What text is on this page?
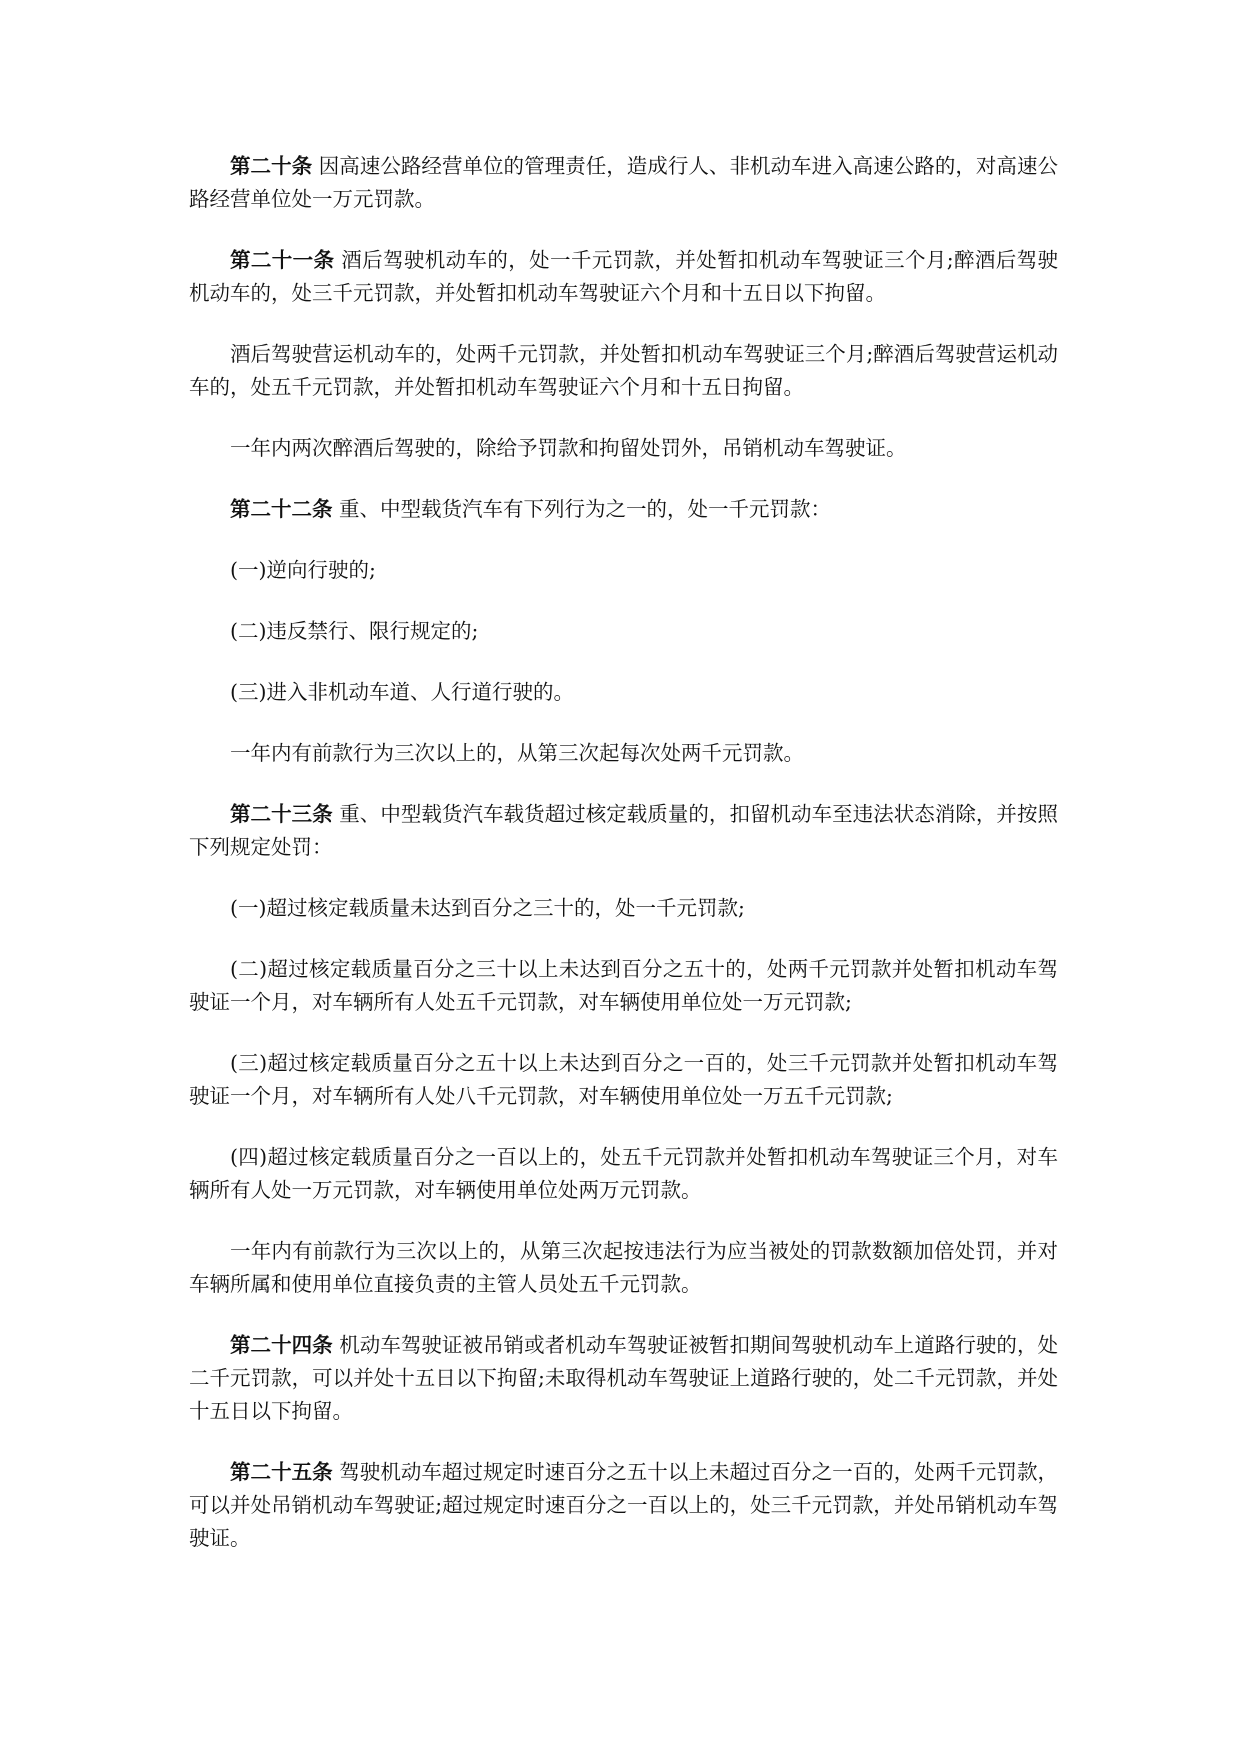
第二十条 因高速公路经营单位的管理责任，造成行人、非机动车进入高速公路的，对高速公路经营单位处一万元罚款。

第二十一条 酒后驾驶机动车的，处一千元罚款，并处暂扣机动车驾驶证三个月;醉酒后驾驶机动车的，处三千元罚款，并处暂扣机动车驾驶证六个月和十五日以下拘留。

酒后驾驶营运机动车的，处两千元罚款，并处暂扣机动车驾驶证三个月;醉酒后驾驶营运机动车的，处五千元罚款，并处暂扣机动车驾驶证六个月和十五日拘留。

一年内两次醉酒后驾驶的，除给予罚款和拘留处罚外，吊销机动车驾驶证。

第二十二条 重、中型载货汽车有下列行为之一的，处一千元罚款：

(一)逆向行驶的;

(二)违反禁行、限行规定的;

(三)进入非机动车道、人行道行驶的。

一年内有前款行为三次以上的，从第三次起每次处两千元罚款。

第二十三条 重、中型载货汽车载货超过核定载质量的，扣留机动车至违法状态消除，并按照下列规定处罚：

(一)超过核定载质量未达到百分之三十的，处一千元罚款;

(二)超过核定载质量百分之三十以上未达到百分之五十的，处两千元罚款并处暂扣机动车驾驶证一个月，对车辆所有人处五千元罚款，对车辆使用单位处一万元罚款;

(三)超过核定载质量百分之五十以上未达到百分之一百的，处三千元罚款并处暂扣机动车驾驶证一个月，对车辆所有人处八千元罚款，对车辆使用单位处一万五千元罚款;

(四)超过核定载质量百分之一百以上的，处五千元罚款并处暂扣机动车驾驶证三个月，对车辆所有人处一万元罚款，对车辆使用单位处两万元罚款。

一年内有前款行为三次以上的，从第三次起按违法行为应当被处的罚款数额加倍处罚，并对车辆所属和使用单位直接负责的主管人员处五千元罚款。

第二十四条 机动车驾驶证被吊销或者机动车驾驶证被暂扣期间驾驶机动车上道路行驶的，处二千元罚款，可以并处十五日以下拘留;未取得机动车驾驶证上道路行驶的，处二千元罚款，并处十五日以下拘留。

第二十五条 驾驶机动车超过规定时速百分之五十以上未超过百分之一百的，处两千元罚款，可以并处吊销机动车驾驶证;超过规定时速百分之一百以上的，处三千元罚款，并处吊销机动车驾驶证。
